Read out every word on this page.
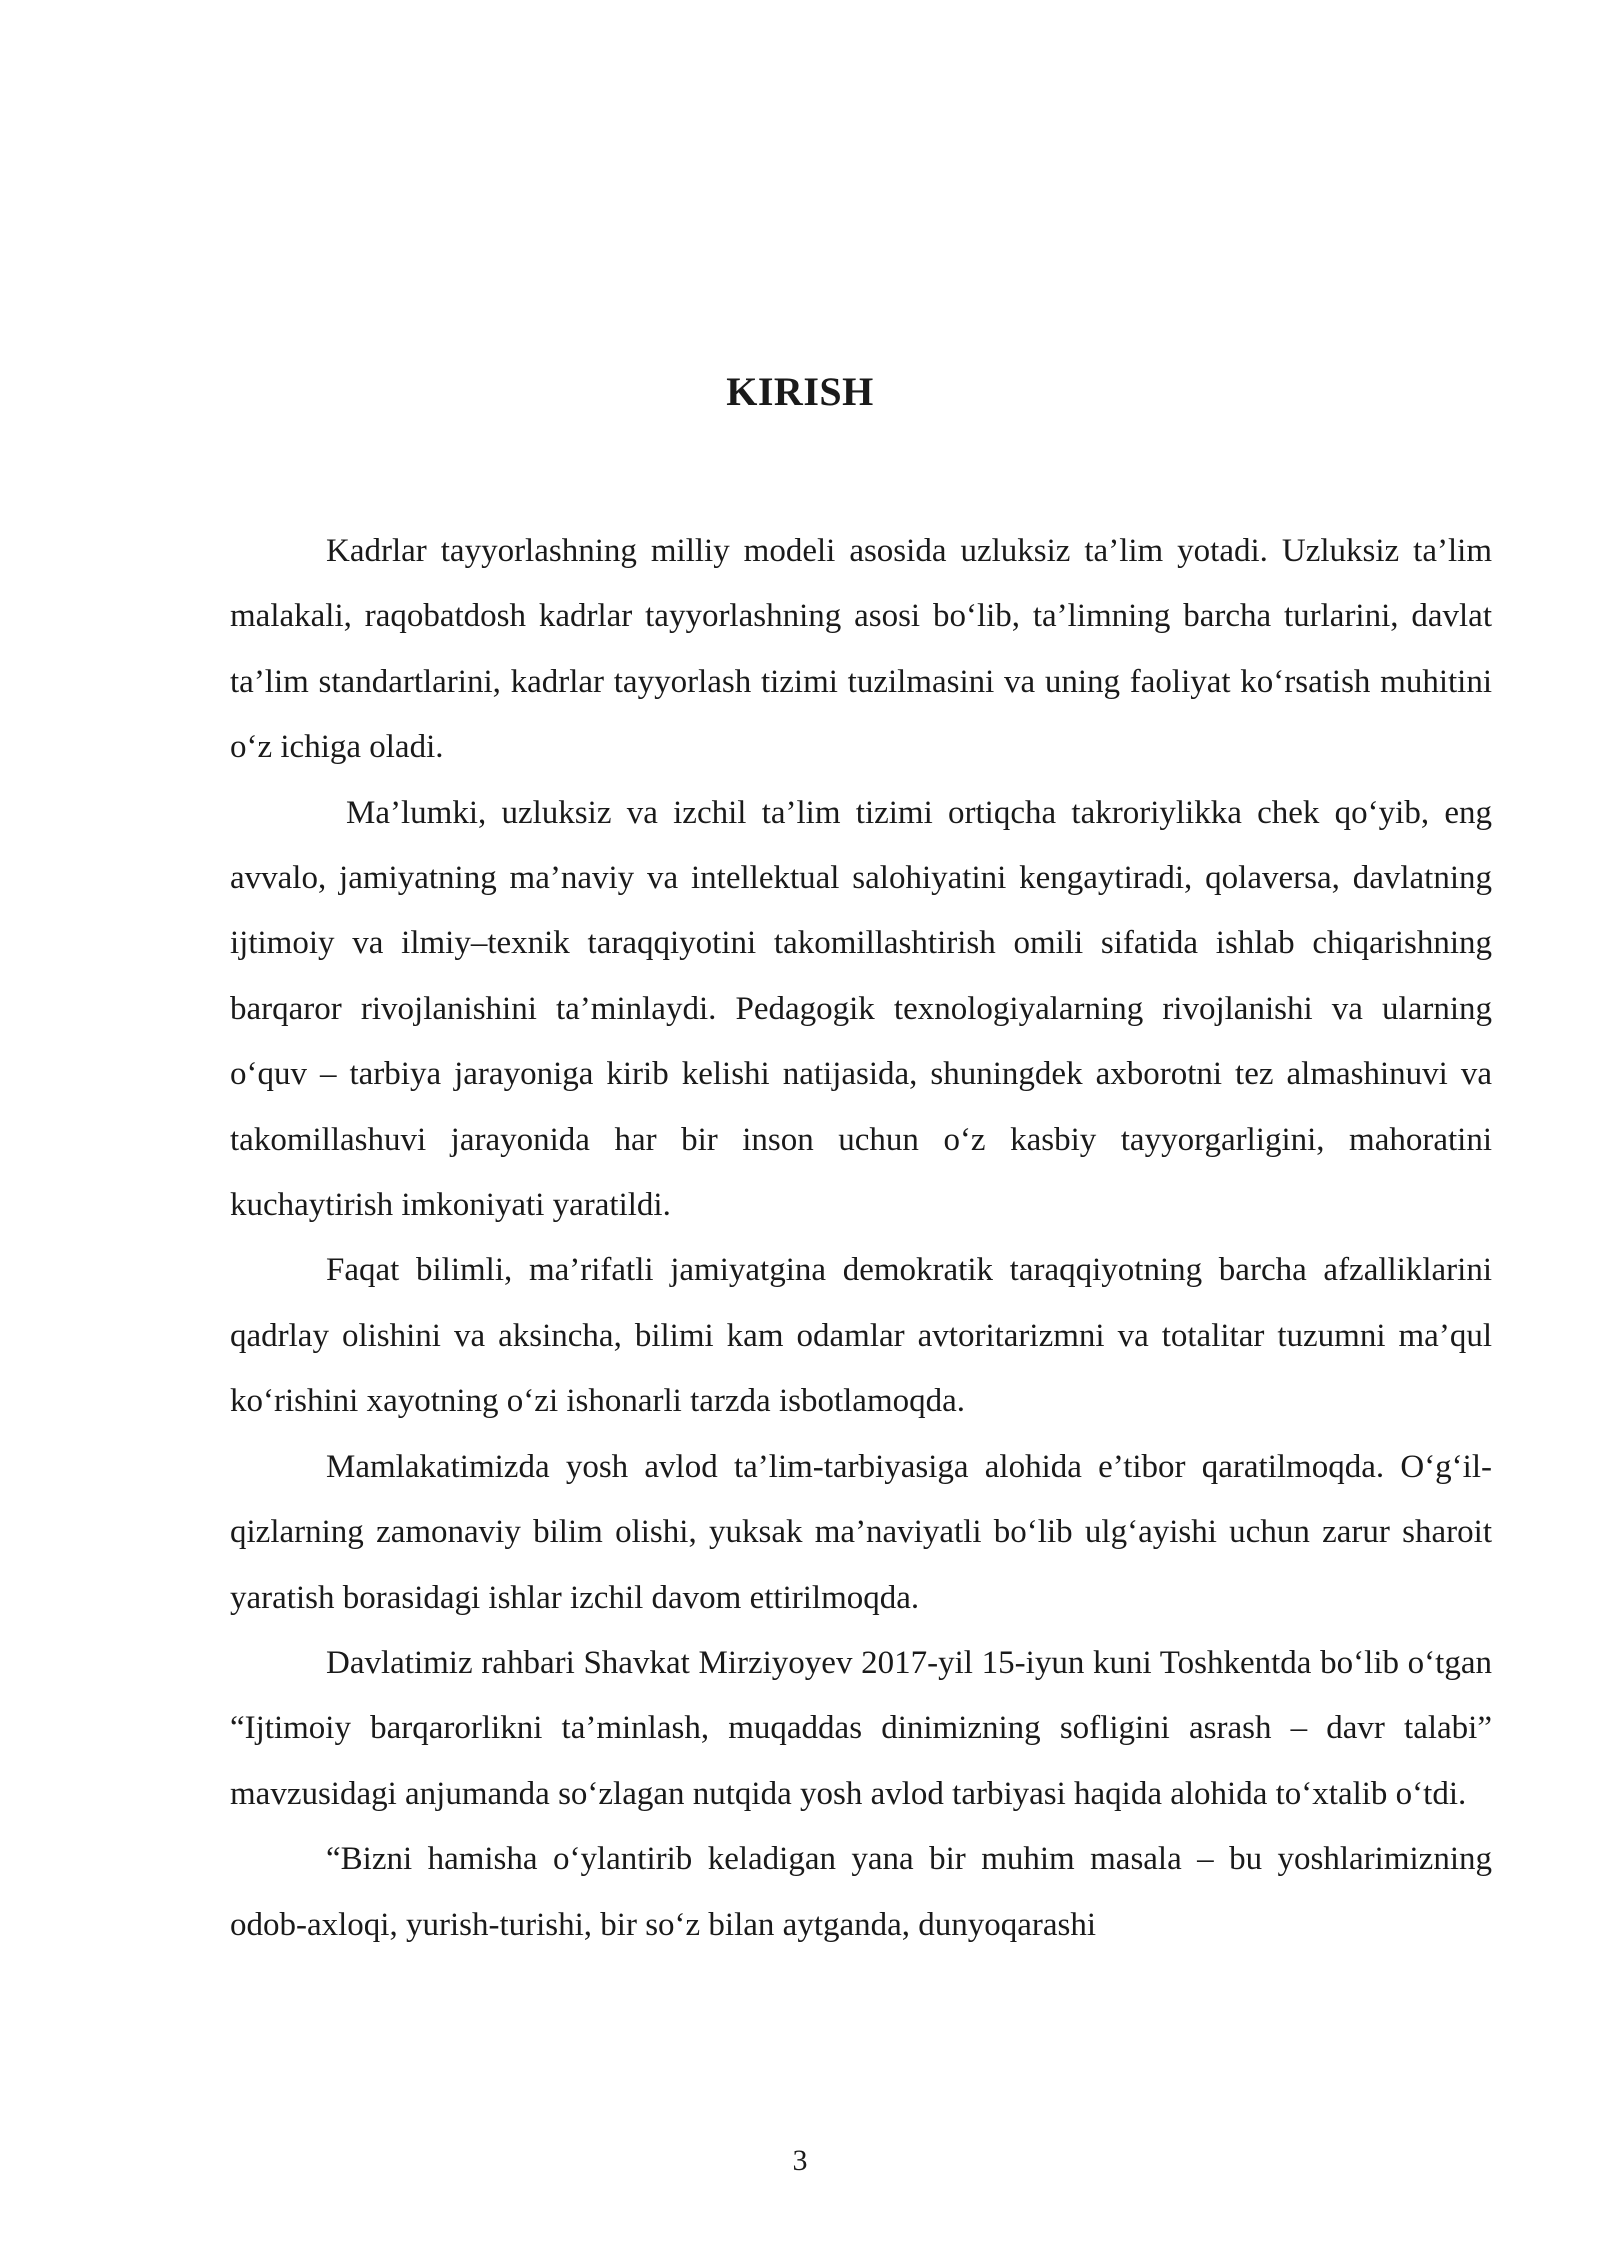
KIRISH

Kadrlar tayyorlashning milliy modeli asosida uzluksiz ta’lim yotadi. Uzluksiz ta’lim malakali, raqobatdosh kadrlar tayyorlashning asosi bo‘lib, ta’limning barcha turlarini, davlat ta’lim standartlarini, kadrlar tayyorlash tizimi tuzilmasini va uning faoliyat ko‘rsatish muhitini o‘z ichiga oladi.

Ma’lumki, uzluksiz va izchil ta’lim tizimi ortiqcha takroriylikka chek qo‘yib, eng avvalo, jamiyatning ma’naviy va intellektual salohiyatini kengaytiradi, qolaversa, davlatning ijtimoiy va ilmiy–texnik taraqqiyotini takomillashtirish omili sifatida ishlab chiqarishning barqaror rivojlanishini ta’minlaydi. Pedagogik texnologiyalarning rivojlanishi va ularning o‘quv – tarbiya jarayoniga kirib kelishi natijasida, shuningdek axborotni tez almashinuvi va takomillashuvi jarayonida har bir inson uchun o‘z kasbiy tayyorgarligini, mahoratini kuchaytirish imkoniyati yaratildi.

Faqat bilimli, ma’rifatli jamiyatgina demokratik taraqqiyotning barcha afzalliklarini qadrlay olishini va aksincha, bilimi kam odamlar avtoritarizmni va totalitar tuzumni ma’qul ko‘rishini xayotning o‘zi ishonarli tarzda isbotlamoqda.

Mamlakatimizda yosh avlod ta’lim-tarbiyasiga alohida e’tibor qaratilmoqda. O‘g‘il-qizlarning zamonaviy bilim olishi, yuksak ma’naviyatli bo‘lib ulg‘ayishi uchun zarur sharoit yaratish borasidagi ishlar izchil davom ettirilmoqda.

Davlatimiz rahbari Shavkat Mirziyoyev 2017-yil 15-iyun kuni Toshkentda bo‘lib o‘tgan “Ijtimoiy barqarorlikni ta’minlash, muqaddas dinimizning sofligini asrash – davr talabi” mavzusidagi anjumanda so‘zlagan nutqida yosh avlod tarbiyasi haqida alohida to‘xtalib o‘tdi.

“Bizni hamisha o‘ylantirib keladigan yana bir muhim masala – bu yoshlarimizning odob-axloqi, yurish-turishi, bir so‘z bilan aytganda, dunyoqarashi

3
